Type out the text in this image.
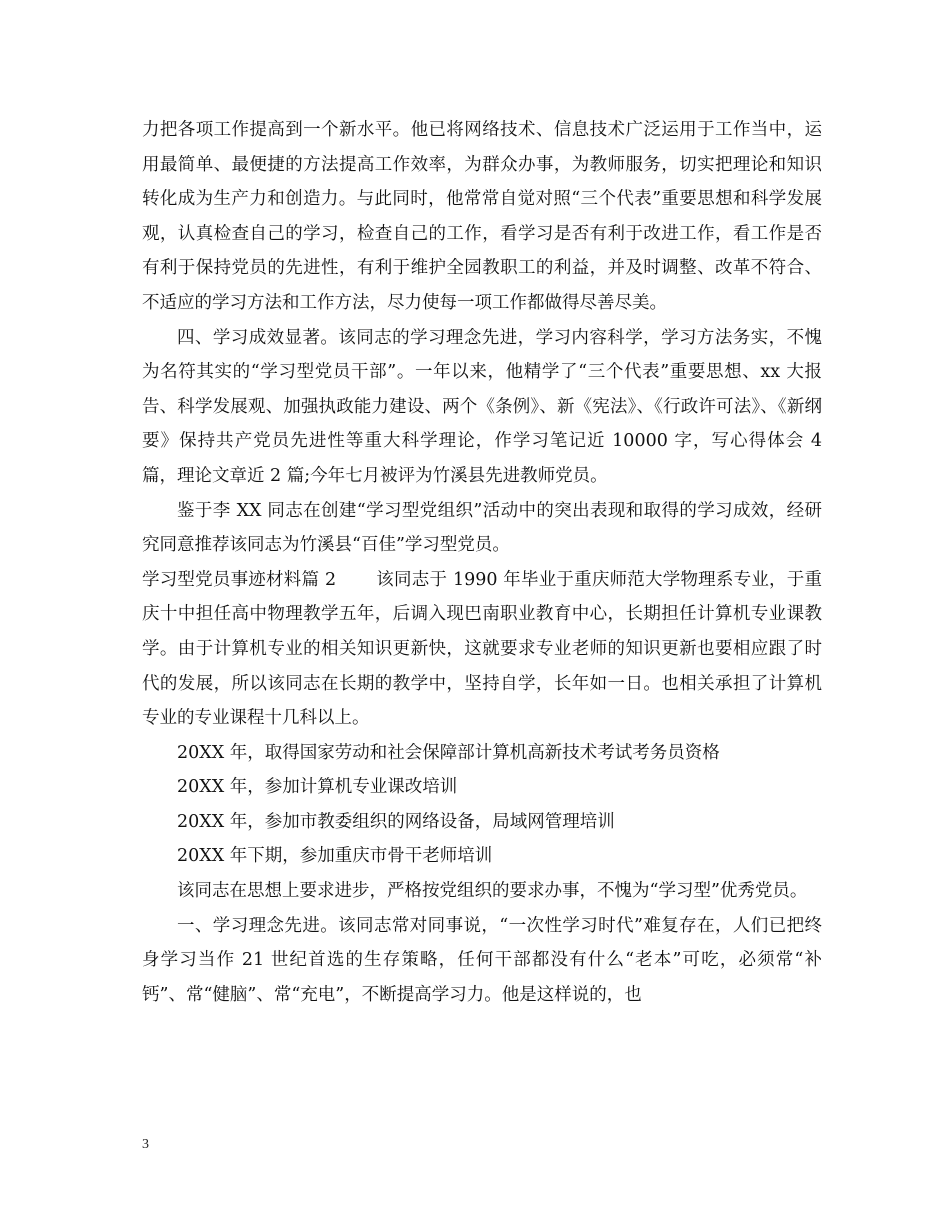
力把各项工作提高到一个新水平。他已将网络技术、信息技术广泛运用于工作当中，运用最简单、最便捷的方法提高工作效率，为群众办事，为教师服务，切实把理论和知识转化成为生产力和创造力。与此同时，他常常自觉对照“三个代表”重要思想和科学发展观，认真检查自己的学习，检查自己的工作，看学习是否有利于改进工作，看工作是否有利于保持党员的先进性，有利于维护全园教职工的利益，并及时调整、改革不符合、不适应的学习方法和工作方法，尽力使每一项工作都做得尽善尽美。

四、学习成效显著。该同志的学习理念先进，学习内容科学，学习方法务实，不愧为名符其实的“学习型党员干部”。一年以来，他精学了“三个代表”重要思想、xx 大报告、科学发展观、加强执政能力建设、两个《条例》、新《宪法》、《行政许可法》、《新纲要》保持共产党员先进性等重大科学理论，作学习笔记近 10000 字，写心得体会 4 篇，理论文章近 2 篇;今年七月被评为竹溪县先进教师党员。

鉴于李 XX 同志在创建“学习型党组织”活动中的突出表现和取得的学习成效，经研究同意推荐该同志为竹溪县“百佳”学习型党员。

学习型党员事迹材料篇 2 该同志于 1990 年毕业于重庆师范大学物理系专业，于重庆十中担任高中物理教学五年，后调入现巴南职业教育中心，长期担任计算机专业课教学。由于计算机专业的相关知识更新快，这就要求专业老师的知识更新也要相应跟了时代的发展，所以该同志在长期的教学中，坚持自学，长年如一日。也相关承担了计算机专业的专业课程十几科以上。

20XX 年，取得国家劳动和社会保障部计算机高新技术考试考务员资格

20XX 年，参加计算机专业课改培训

20XX 年，参加市教委组织的网络设备，局域网管理培训

20XX 年下期，参加重庆市骨干老师培训

该同志在思想上要求进步，严格按党组织的要求办事，不愧为“学习型”优秀党员。

一、学习理念先进。该同志常对同事说，“一次性学习时代”难复存在，人们已把终身学习当作 21 世纪首选的生存策略，任何干部都没有什么“老本”可吃，必须常“补钙”、常“健脑”、常“充电”，不断提高学习力。他是这样说的，也

3
